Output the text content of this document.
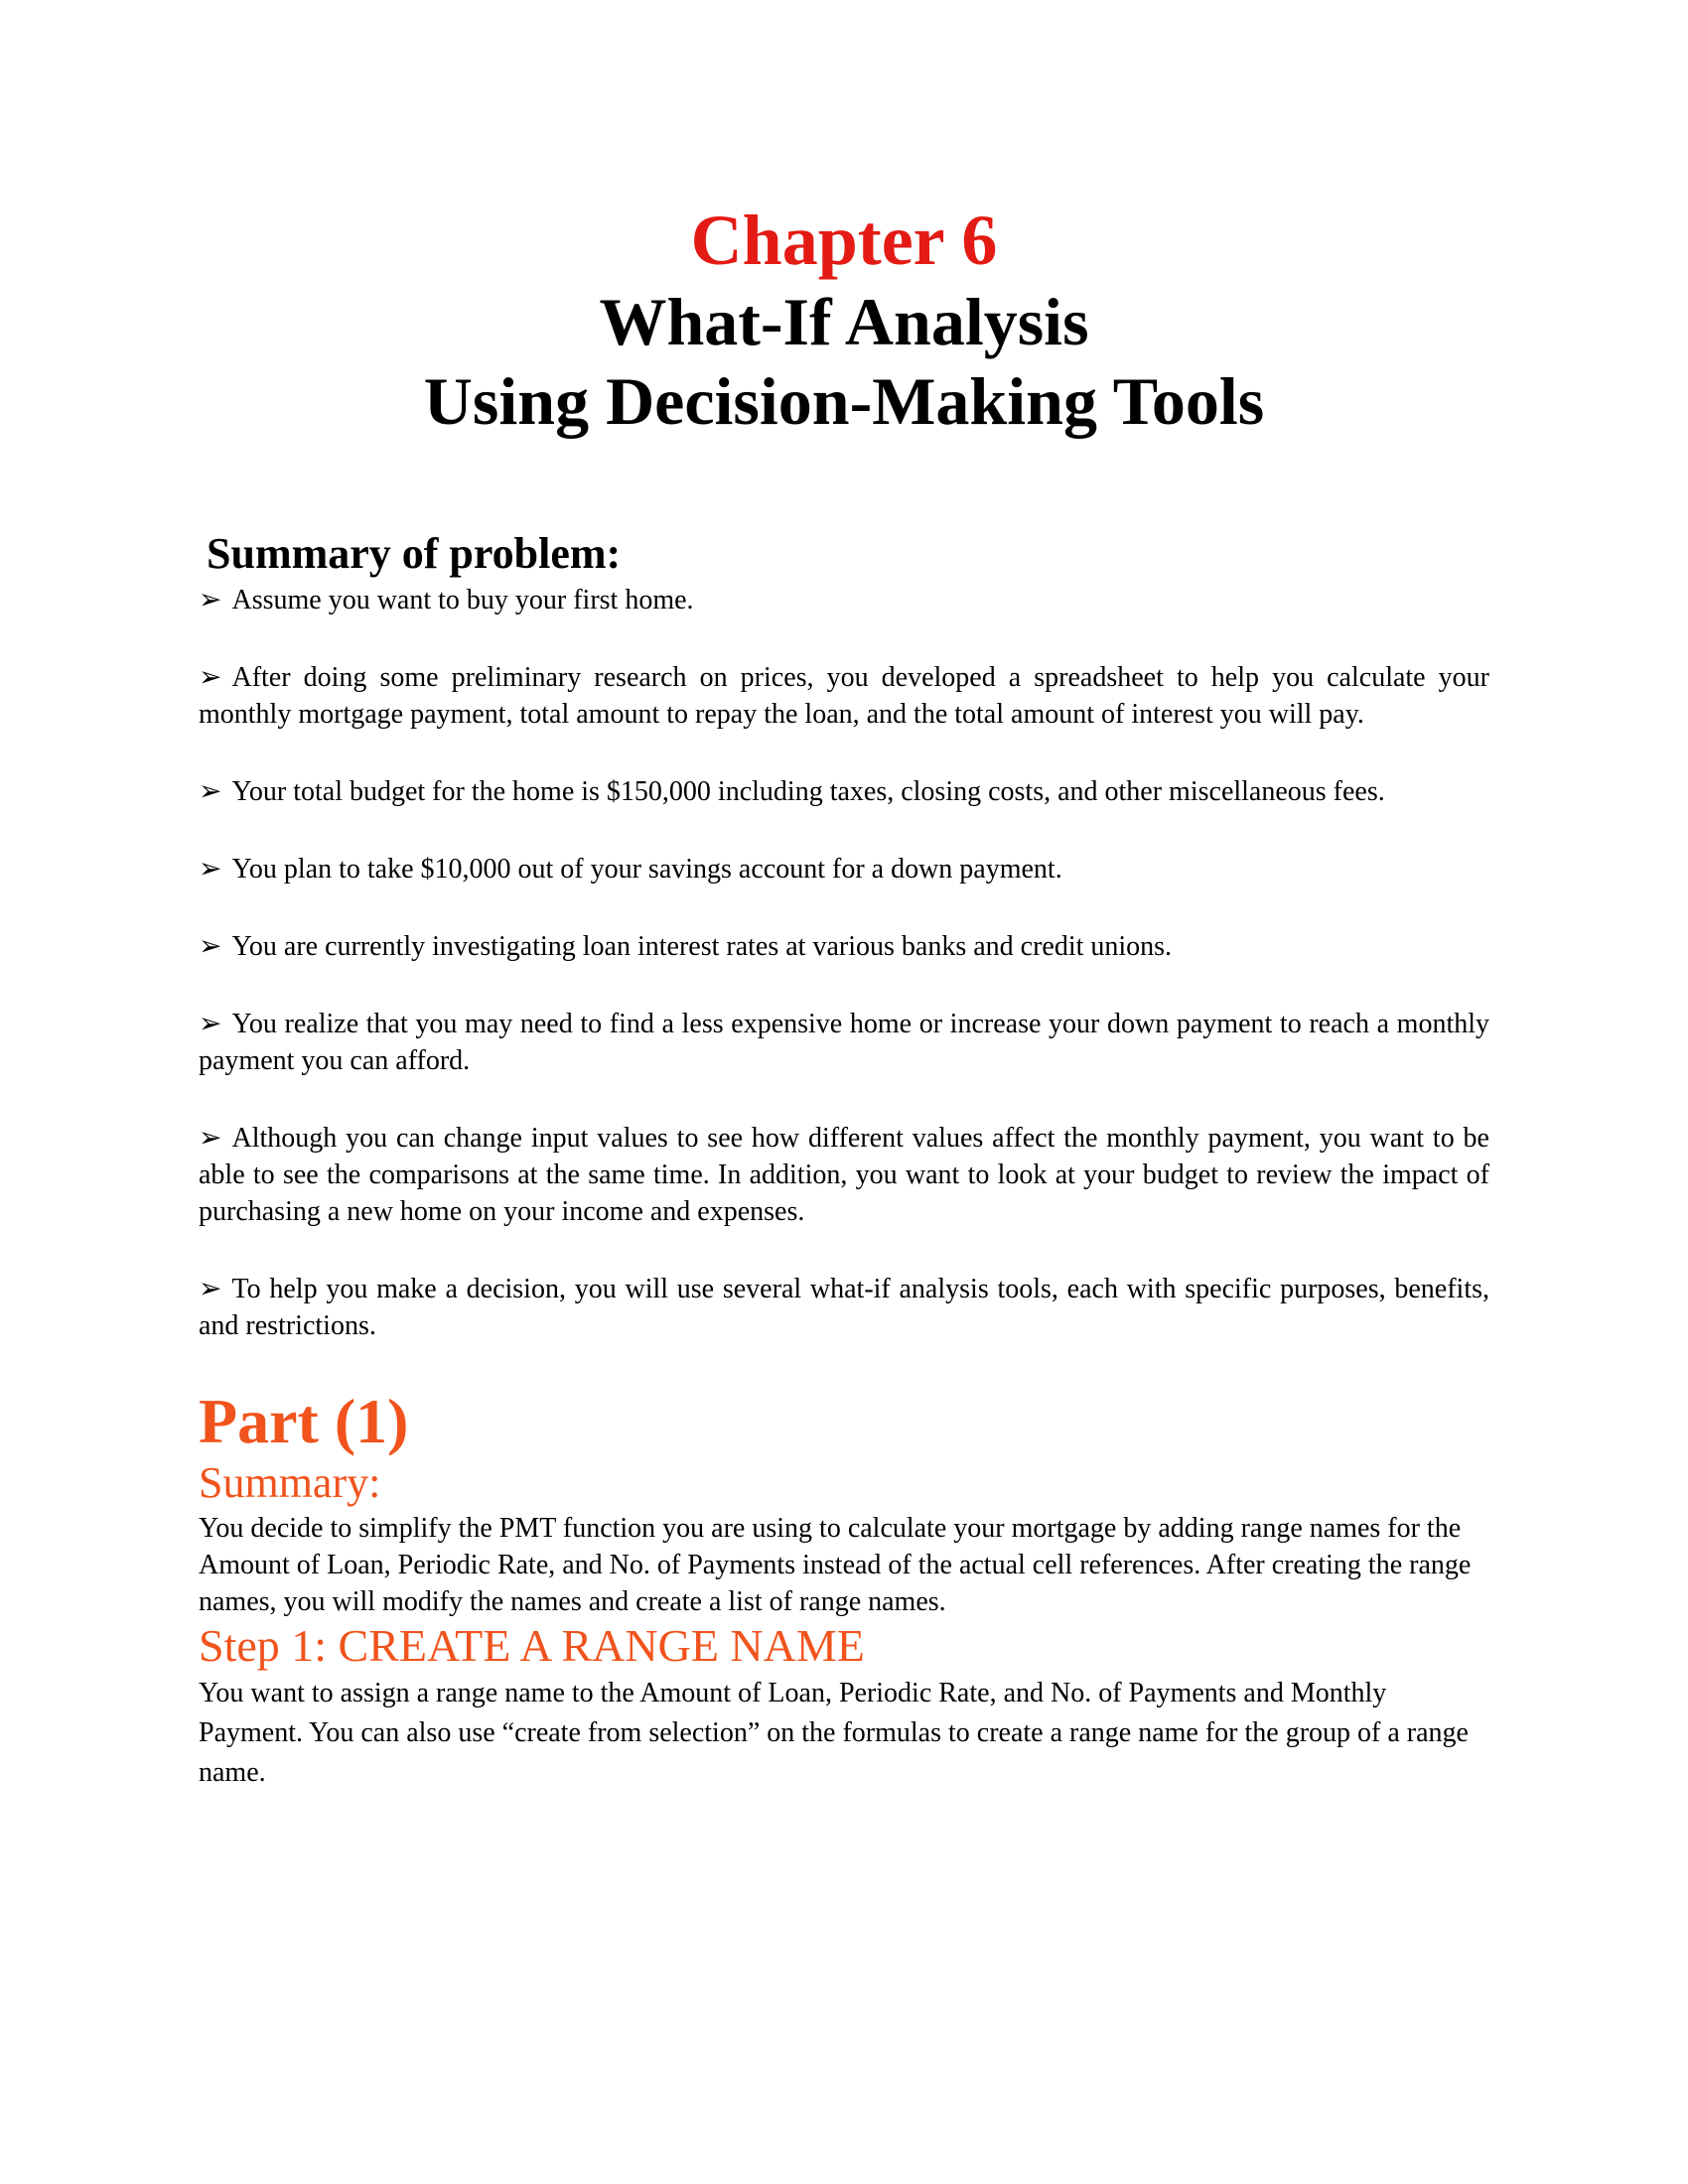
Chapter 6
What-If Analysis
Using Decision-Making Tools
Summary of problem:

➢ Assume you want to buy your first home.

➢ After doing some preliminary research on prices, you developed a spreadsheet to help you calculate your monthly mortgage payment, total amount to repay the loan, and the total amount of interest you will pay.

➢ Your total budget for the home is $150,000 including taxes, closing costs, and other miscellaneous fees.

➢ You plan to take $10,000 out of your savings account for a down payment.

➢ You are currently investigating loan interest rates at various banks and credit unions.

➢ You realize that you may need to find a less expensive home or increase your down payment to reach a monthly payment you can afford.

➢ Although you can change input values to see how different values affect the monthly payment, you want to be able to see the comparisons at the same time. In addition, you want to look at your budget to review the impact of purchasing a new home on your income and expenses.

➢ To help you make a decision, you will use several what-if analysis tools, each with specific purposes, benefits, and restrictions.

Part (1)
Summary:

You decide to simplify the PMT function you are using to calculate your mortgage by adding range names for the Amount of Loan, Periodic Rate, and No. of Payments instead of the actual cell references. After creating the range names, you will modify the names and create a list of range names.

Step 1: CREATE A RANGE NAME

You want to assign a range name to the Amount of Loan, Periodic Rate, and No. of Payments and Monthly Payment. You can also use “create from selection” on the formulas to create a range name for the group of a range name.
